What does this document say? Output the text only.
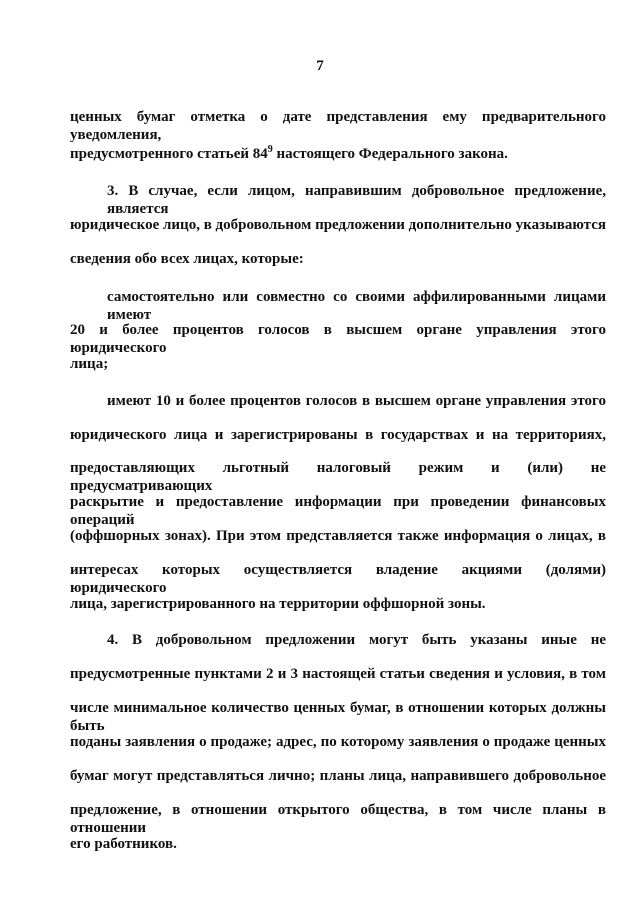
7
ценных бумаг отметка о дате представления ему предварительного уведомления,
предусмотренного статьей $84^9$ настоящего Федерального закона.
3. В случае, если лицом, направившим добровольное предложение, является
юридическое лицо, в добровольном предложении дополнительно указываются
сведения обо всех лицах, которые:
самостоятельно или совместно со своими аффилированными лицами имеют
20 и более процентов голосов в высшем органе управления этого юридического
лица;
имеют 10 и более процентов голосов в высшем органе управления этого
юридического лица и зарегистрированы в государствах и на территориях,
предоставляющих льготный налоговый режим и (или) не предусматривающих
раскрытие и предоставление информации при проведении финансовых операций
(оффшорных зонах). При этом представляется также информация о лицах, в
интересах которых осуществляется владение акциями (долями) юридического
лица, зарегистрированного на территории оффшорной зоны.
4. В добровольном предложении могут быть указаны иные не
предусмотренные пунктами 2 и 3 настоящей статьи сведения и условия, в том
числе минимальное количество ценных бумаг, в отношении которых должны быть
поданы заявления о продаже; адрес, по которому заявления о продаже ценных
бумаг могут представляться лично; планы лица, направившего добровольное
предложение, в отношении открытого общества, в том числе планы в отношении
его работников.
